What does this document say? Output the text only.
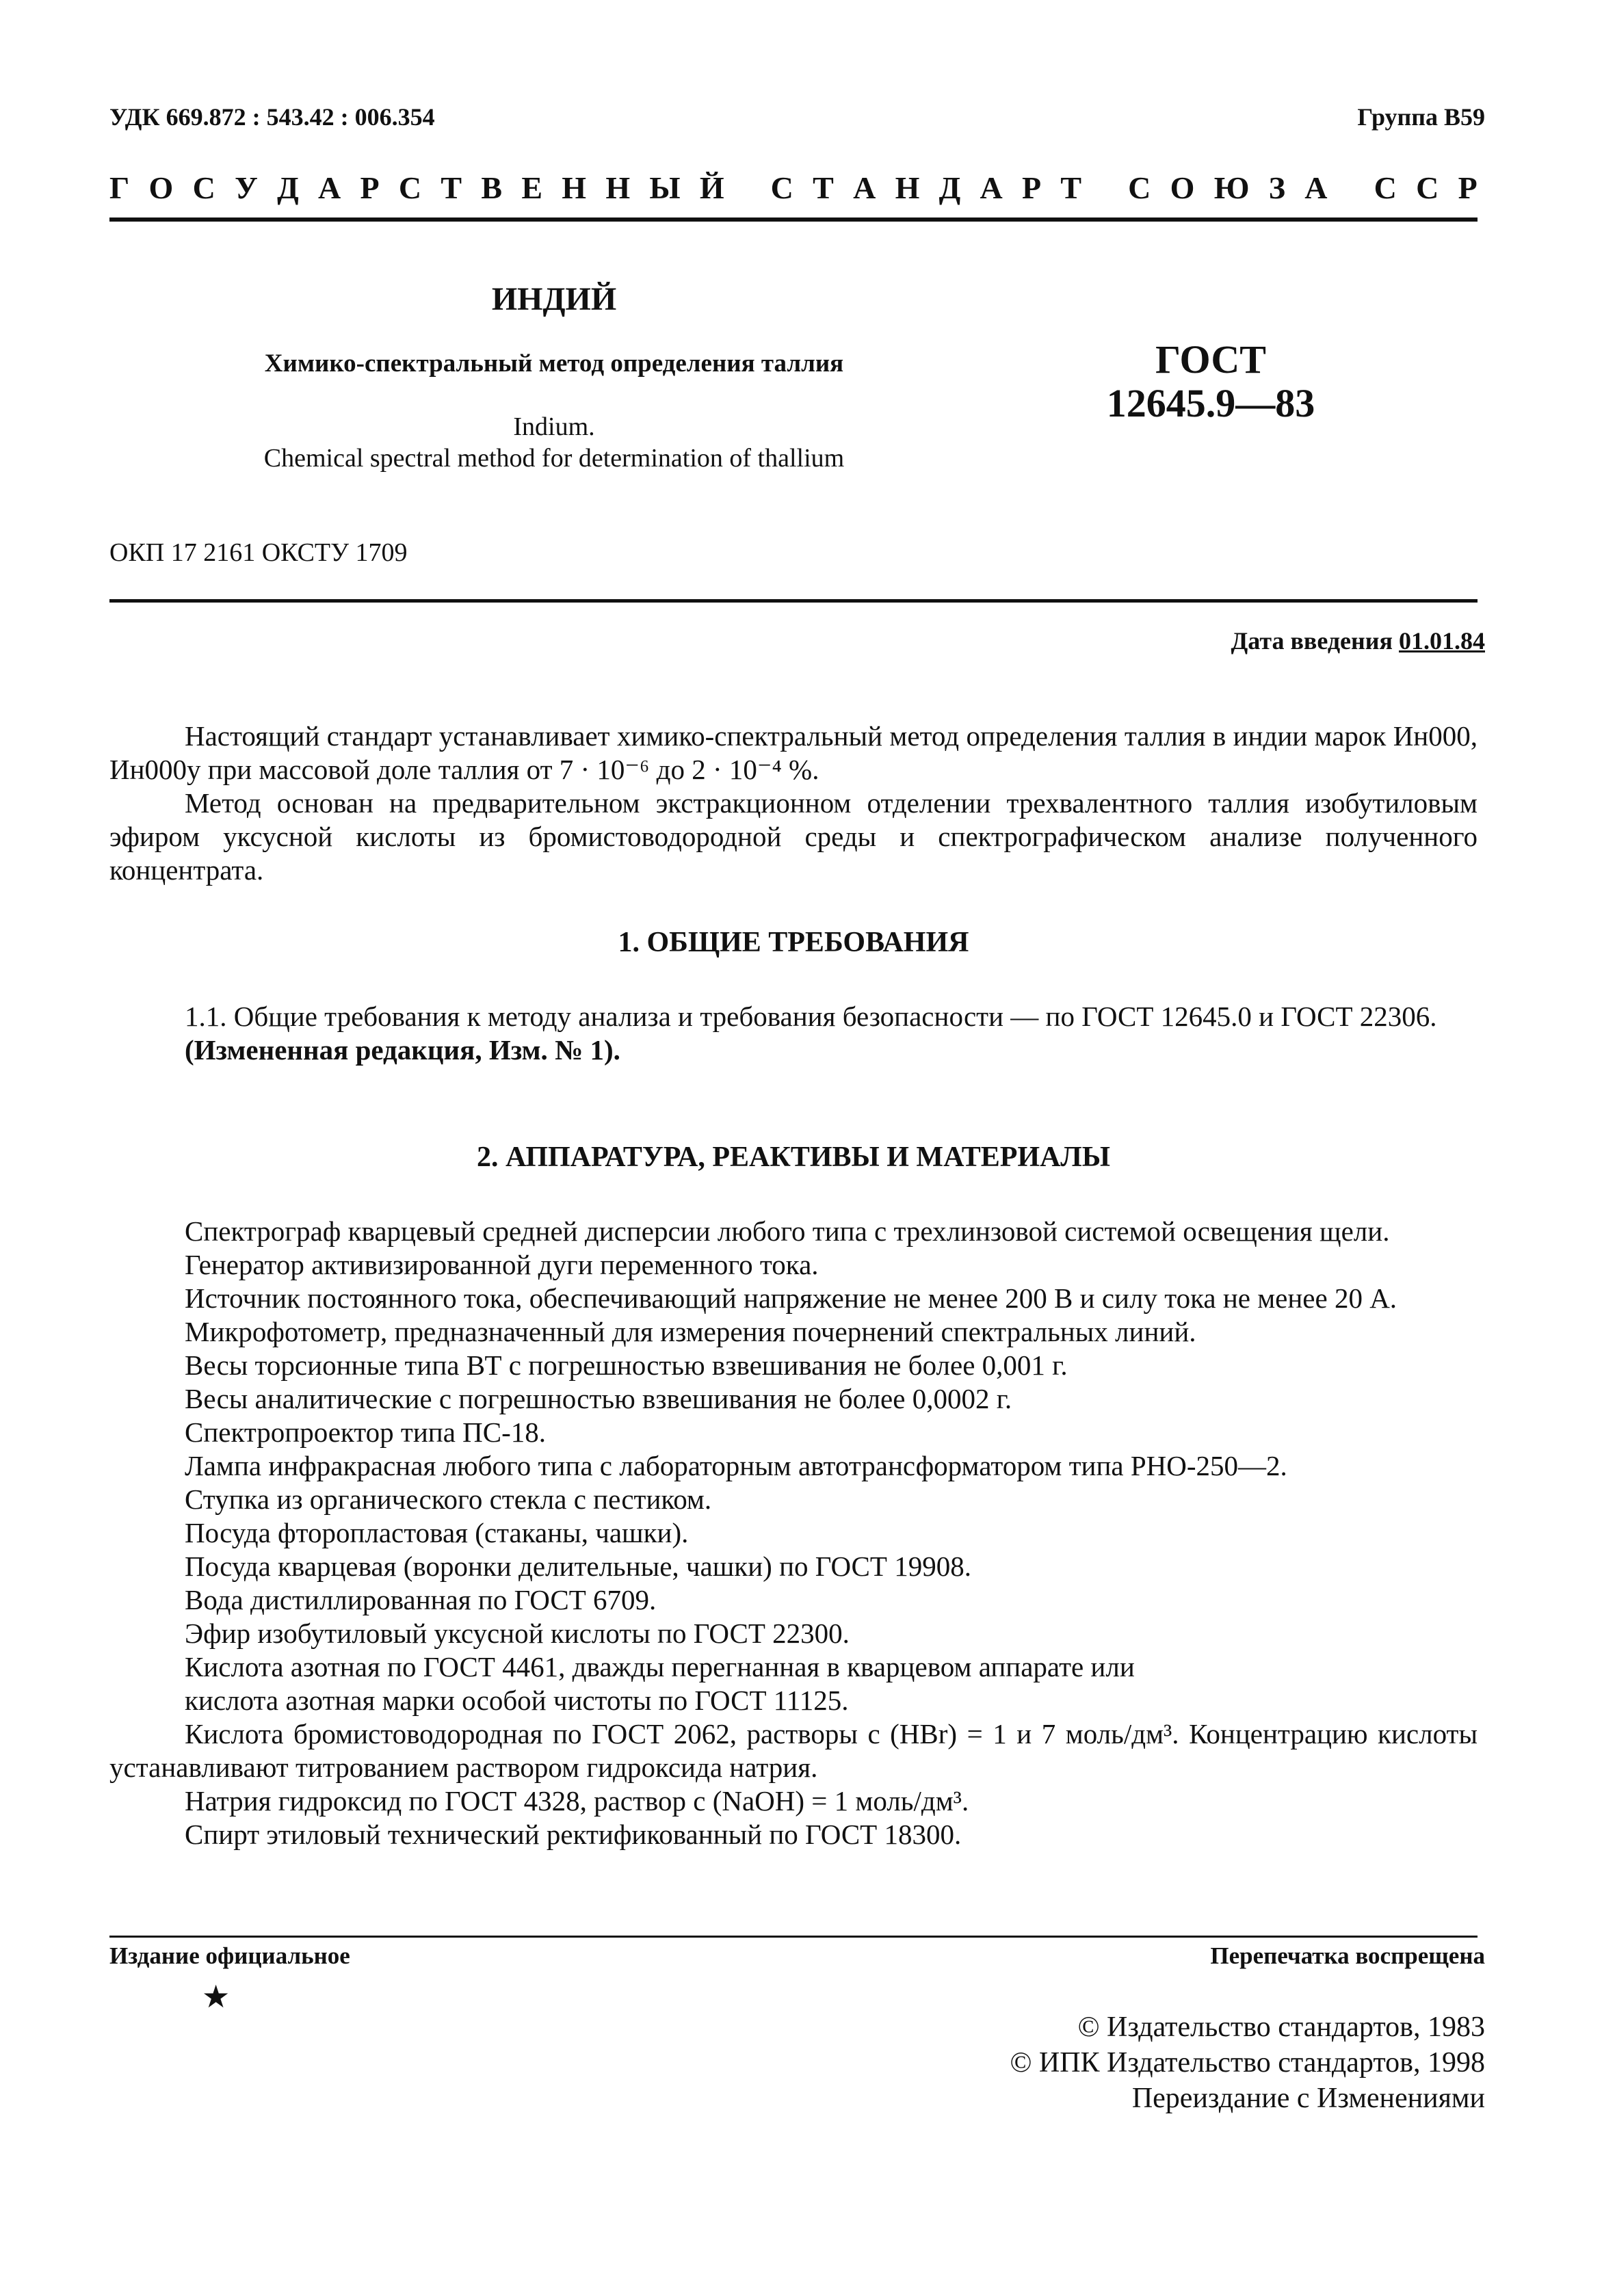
УДК 669.872 : 543.42 : 006.354	Группа В59
Г О С У Д А Р С Т В Е Н Н Ы Й
С Т А Н Д А Р Т
С О Ю З А
С С Р
ИНДИЙ
Химико-спектральный метод определения таллия
Indium.
Chemical spectral method for determination of thallium
ГОСТ
12645.9—83
ОКП 17 2161 ОКСТУ 1709
Дата введения 01.01.84

Настоящий стандарт устанавливает химико-спектральный метод определения таллия в индии марок Ин000, Ин000у при массовой доле таллия от 7 · 10⁻⁶ до 2 · 10⁻⁴ %.

Метод основан на предварительном экстракционном отделении трехвалентного таллия изобутиловым эфиром уксусной кислоты из бромистоводородной среды и спектрографическом анализе полученного концентрата.

1. ОБЩИЕ ТРЕБОВАНИЯ

1.1. Общие требования к методу анализа и требования безопасности — по ГОСТ 12645.0 и ГОСТ 22306.

(Измененная редакция, Изм. № 1).

2. АППАРАТУРА, РЕАКТИВЫ И МАТЕРИАЛЫ
Спектрограф кварцевый средней дисперсии любого типа с трехлинзовой системой освещения щели.
Генератор активизированной дуги переменного тока.
Источник постоянного тока, обеспечивающий напряжение не менее 200 В и силу тока не менее 20 А.
Микрофотометр, предназначенный для измерения почернений спектральных линий.
Весы торсионные типа ВТ с погрешностью взвешивания не более 0,001 г.
Весы аналитические с погрешностью взвешивания не более 0,0002 г.
Спектропроектор типа ПС-18.
Лампа инфракрасная любого типа с лабораторным автотрансформатором типа РНО-250—2.
Ступка из органического стекла с пестиком.
Посуда фторопластовая (стаканы, чашки).
Посуда кварцевая (воронки делительные, чашки) по ГОСТ 19908.
Вода дистиллированная по ГОСТ 6709.
Эфир изобутиловый уксусной кислоты по ГОСТ 22300.
Кислота азотная по ГОСТ 4461, дважды перегнанная в кварцевом аппарате или
кислота азотная марки особой чистоты по ГОСТ 11125.
Кислота бромистоводородная по ГОСТ 2062, растворы c (HBr) = 1 и 7 моль/дм³. Концентрацию кислоты устанавливают титрованием раствором гидроксида натрия.
Натрия гидроксид по ГОСТ 4328, раствор c (NaOH) = 1 моль/дм³.
Спирт этиловый технический ректификованный по ГОСТ 18300.
Издание официальное	Перепечатка воспрещена
★
© Издательство стандартов, 1983
© ИПК Издательство стандартов, 1998
Переиздание с Изменениями
